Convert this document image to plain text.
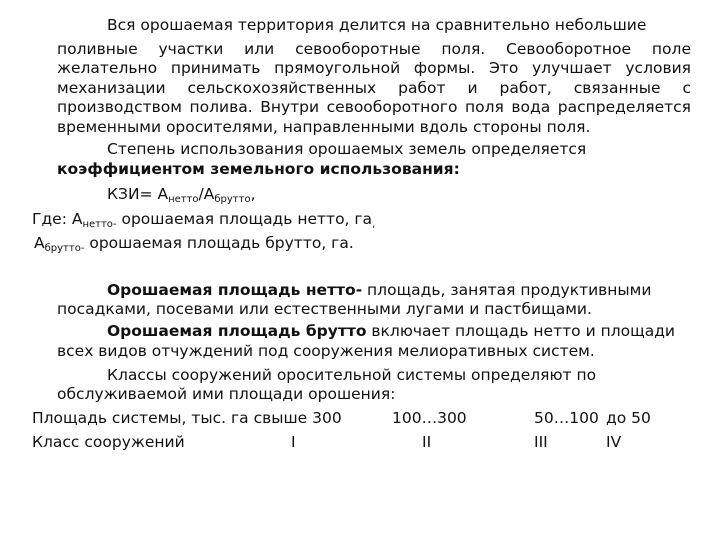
Вся орошаемая территория делится на сравнительно небольшие
поливные участки или севооборотные поля. Севооборотное поле
желательно принимать прямоугольной формы. Это улучшает условия
механизации сельскохозяйственных работ и работ, связанные с
производством полива. Внутри севооборотного поля вода распределяется
временными оросителями, направленными вдоль стороны поля.
Степень использования орошаемых земель определяется
коэффициентом земельного использования:
$КЗИ= А_{нетто}/А_{брутто}$,
Где: $А_{нетто-}$ орошаемая площадь нетто, $га_,$
$А_{брутто-}$ орошаемая площадь брутто, га.
Орошаемая площадь нетто- площадь, занятая продуктивными
посадками, посевами или естественными лугами и пастбищами.
Орошаемая площадь брутто включает площадь нетто и площади
всех видов отчуждений под сооружения мелиоративных систем.
Классы сооружений оросительной системы определяют по
обслуживаемой ими площади орошения:
Площадь системы, тыс. га свыше 300	100…300	50…100 до 50
Класс сооружений	I	II	III	IV
